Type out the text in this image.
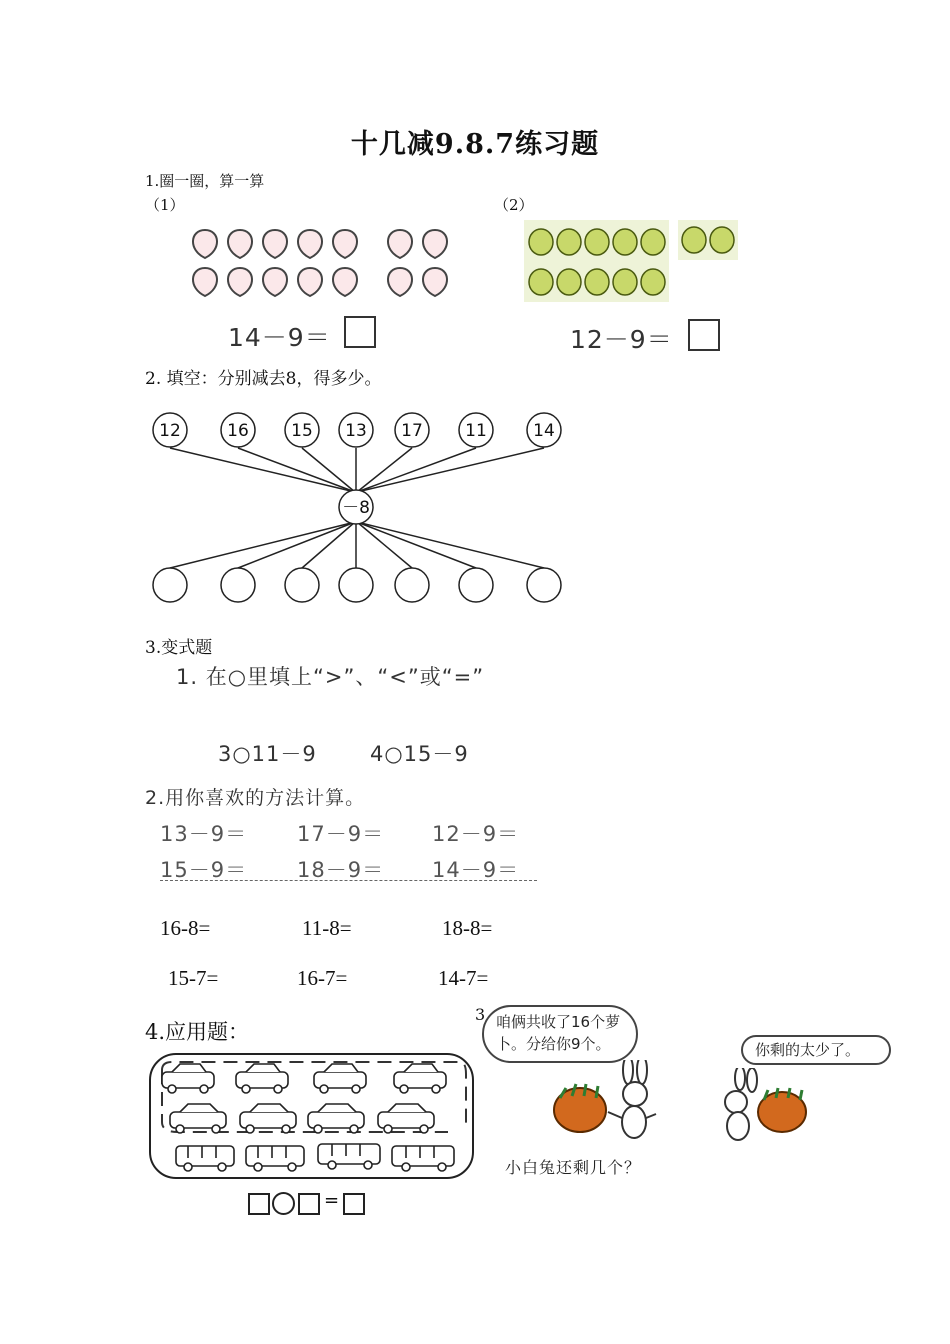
十几减9.8.7练习题
1.圈一圈，算一算
（1）	（2）
14－9＝	12－9＝
2. 填空：分别减去8，得多少。
12	16 15 13 17 11	14
－8
3.变式题
1. 在○里填上“>”、“<”或“=”
3○11－9	4○15－9
2.用你喜欢的方法计算。
13－9＝ 17－9＝ 12－9＝
15－9＝ 18－9＝ 14－9＝
16-8=	11-8=	18-8=
15-7=	16-7=	14-7=
4.应用题：
=
3 咱俩共收了16个萝卜。分给你9个。	你剩的太少了。
小白兔还剩几个？
